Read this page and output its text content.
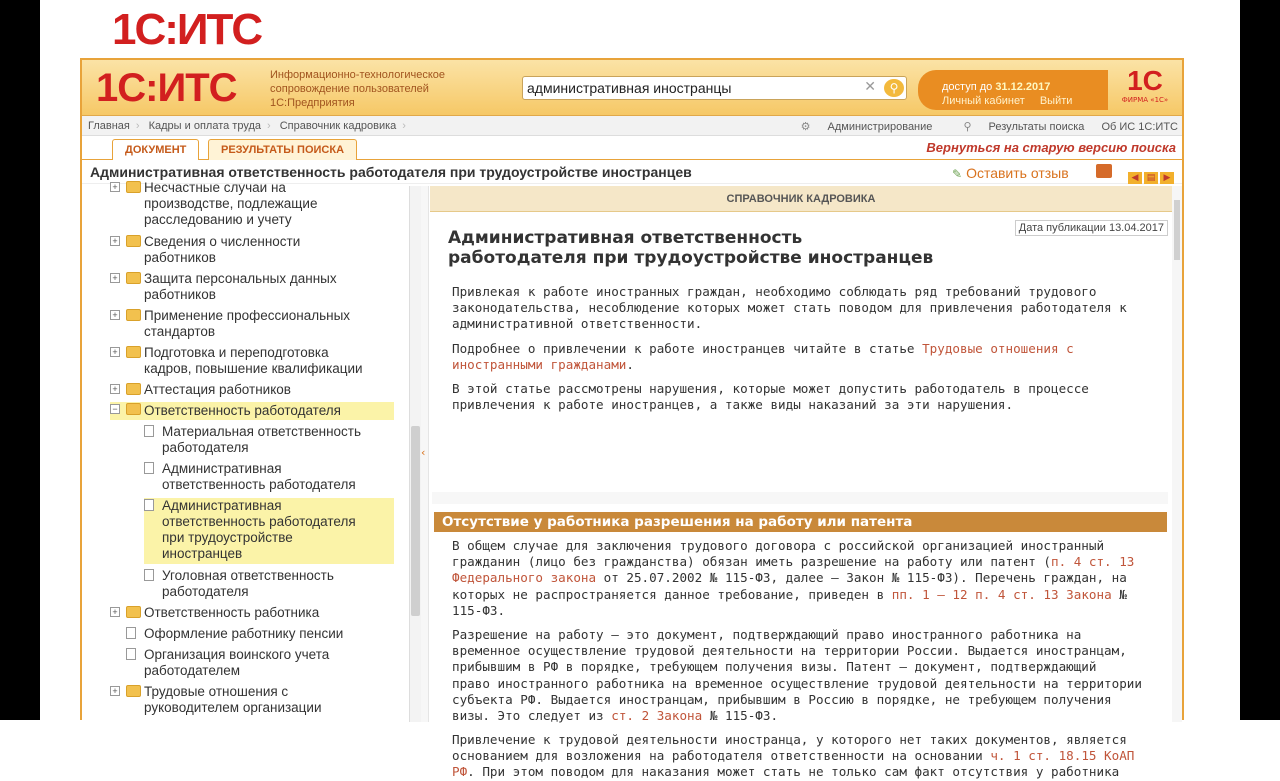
1С:ИТС
1С:ИТС	Информационно-технологическое
сопровождение пользователей
1С:Предприятия
административная иностранцы
✕	⚲	доступ до 31.12.2017
Личный кабинет Выйти
1С
ФИРМА «1С»
Главная › Кадры и оплата труда › Справочник кадровика ›	⚙ Администрирование	⚲ Результаты поиска Об ИС 1С:ИТС
ДОКУМЕНТ	РЕЗУЛЬТАТЫ ПОИСКА	Вернуться на старую версию поиска
Административная ответственность работодателя при трудоустройстве иностранцев	✎ Оставить отзыв	◀ ▤ ▶
+ Несчастные случаи на
производстве, подлежащие
расследованию и учету
+ Сведения о численности
работников
+ Защита персональных данных
работников
+ Применение профессиональных
стандартов
+ Подготовка и переподготовка
кадров, повышение квалификации
+ Аттестация работников
− Ответственность работодателя
Материальная ответственность
работодателя
Административная
ответственность работодателя
Административная
ответственность работодателя
при трудоустройстве
иностранцев
Уголовная ответственность
работодателя
+ Ответственность работника
Оформление работнику пенсии
Организация воинского учета
работодателем
+ Трудовые отношения с
руководителем организации
‹
СПРАВОЧНИК КАДРОВИКА
Дата публикации 13.04.2017
Административная ответственность
работодателя при трудоустройстве иностранцев
Привлекая к работе иностранных граждан, необходимо соблюдать ряд требований трудового
законодательства, несоблюдение которых может стать поводом для привлечения работодателя к
административной ответственности.
Подробнее о привлечении к работе иностранцев читайте в статье Трудовые отношения с
иностранными гражданами.
В этой статье рассмотрены нарушения, которые может допустить работодатель в процессе
привлечения к работе иностранцев, а также виды наказаний за эти нарушения.
Отсутствие у работника разрешения на работу или патента
В общем случае для заключения трудового договора с российской организацией иностранный
гражданин (лицо без гражданства) обязан иметь разрешение на работу или патент (п. 4 ст. 13
Федерального закона от 25.07.2002 № 115-ФЗ, далее – Закон № 115-ФЗ). Перечень граждан, на
которых не распространяется данное требование, приведен в пп. 1 – 12 п. 4 ст. 13 Закона №
115-ФЗ.
Разрешение на работу – это документ, подтверждающий право иностранного работника на
временное осуществление трудовой деятельности на территории России. Выдается иностранцам,
прибывшим в РФ в порядке, требующем получения визы. Патент – документ, подтверждающий
право иностранного работника на временное осуществление трудовой деятельности на территории
субъекта РФ. Выдается иностранцам, прибывшим в Россию в порядке, не требующем получения
визы. Это следует из ст. 2 Закона № 115-ФЗ.
Привлечение к трудовой деятельности иностранца, у которого нет таких документов, является
основанием для возложения на работодателя ответственности на основании ч. 1 ст. 18.15 КоАП
РФ. При этом поводом для наказания может стать не только сам факт отсутствия у работника
